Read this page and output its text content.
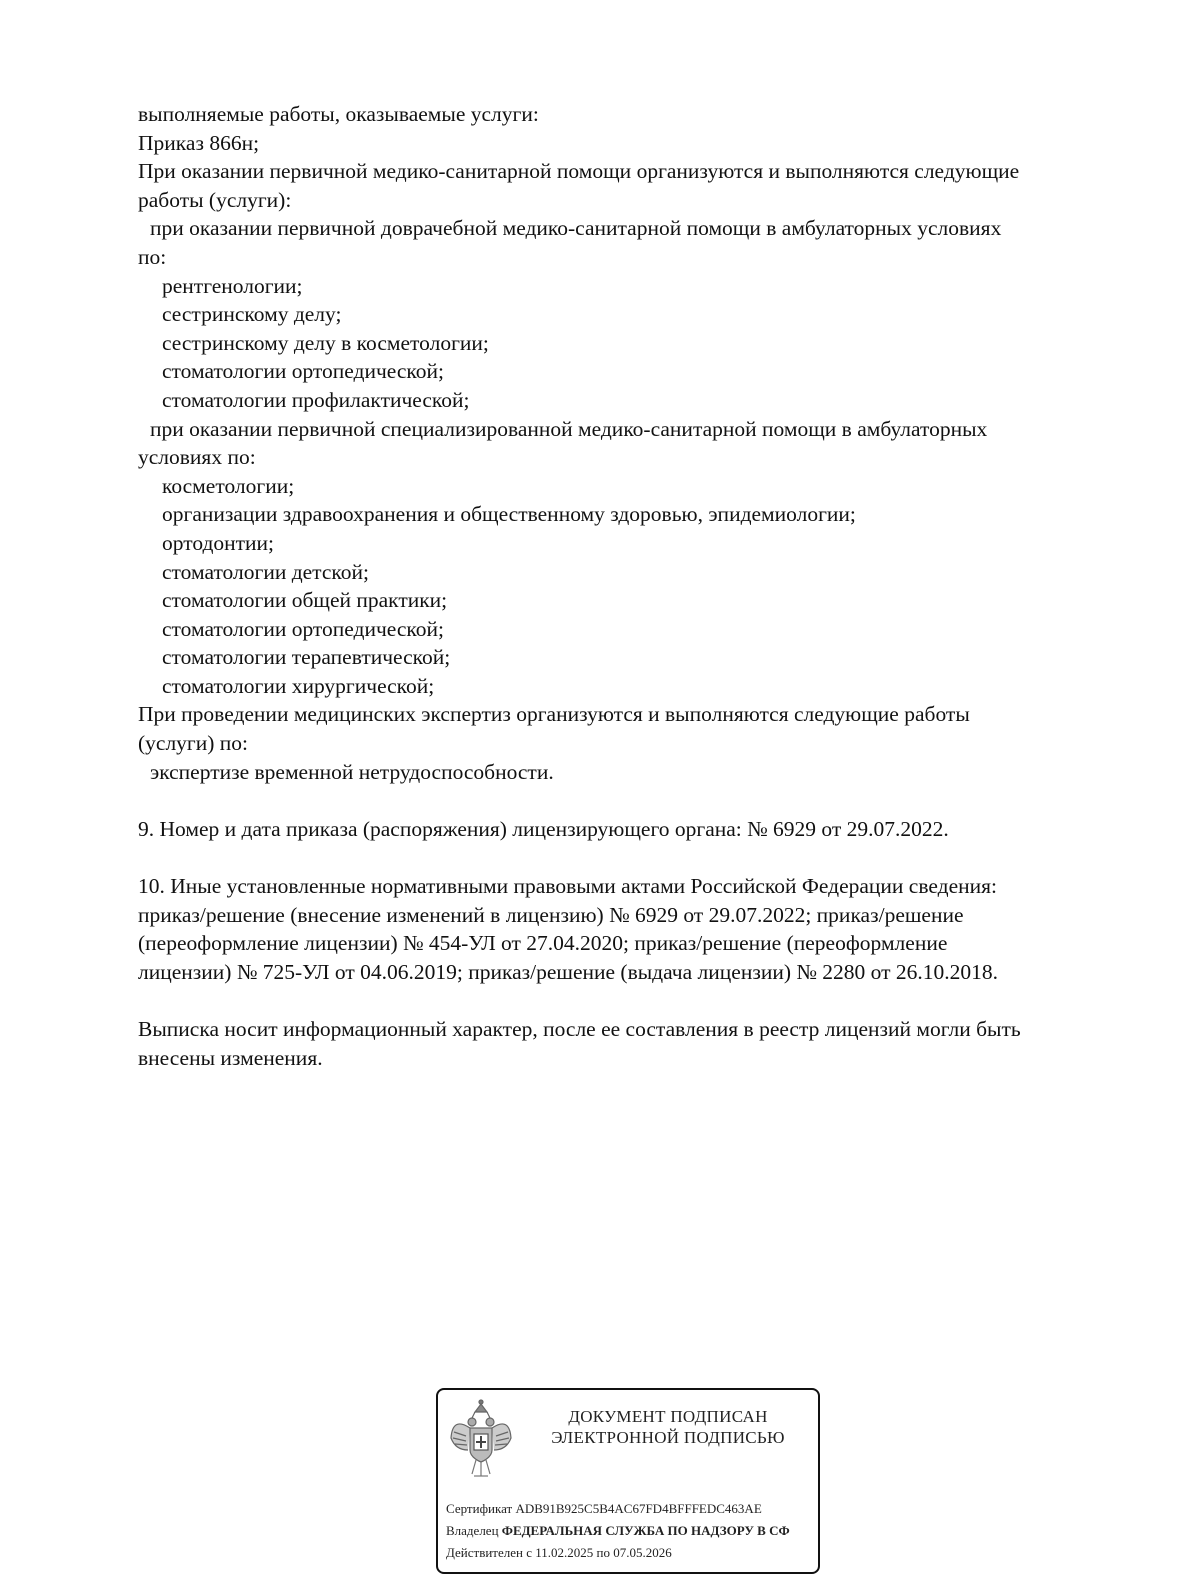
выполняемые работы, оказываемые услуги:
Приказ 866н;
При оказании первичной медико-санитарной помощи организуются и выполняются следующие
работы (услуги):
при оказании первичной доврачебной медико-санитарной помощи в амбулаторных условиях
по:
рентгенологии;
сестринскому делу;
сестринскому делу в косметологии;
стоматологии ортопедической;
стоматологии профилактической;
при оказании первичной специализированной медико-санитарной помощи в амбулаторных
условиях по:
косметологии;
организации здравоохранения и общественному здоровью, эпидемиологии;
ортодонтии;
стоматологии детской;
стоматологии общей практики;
стоматологии ортопедической;
стоматологии терапевтической;
стоматологии хирургической;
При проведении медицинских экспертиз организуются и выполняются следующие работы
(услуги) по:
экспертизе временной нетрудоспособности.
9. Номер и дата приказа (распоряжения) лицензирующего органа: № 6929 от 29.07.2022.
10. Иные установленные нормативными правовыми актами Российской Федерации сведения:
приказ/решение (внесение изменений в лицензию) № 6929 от 29.07.2022; приказ/решение
(переоформление лицензии) № 454-УЛ от 27.04.2020; приказ/решение (переоформление
лицензии) № 725-УЛ от 04.06.2019; приказ/решение (выдача лицензии) № 2280 от 26.10.2018.
Выписка носит информационный характер, после ее составления в реестр лицензий могли быть
внесены изменения.
ДОКУМЕНТ ПОДПИСАН
ЭЛЕКТРОННОЙ ПОДПИСЬЮ
Сертификат ADB91B925C5B4AC67FD4BFFFEDC463AE
Владелец ФЕДЕРАЛЬНАЯ СЛУЖБА ПО НАДЗОРУ В СФ
Действителен с 11.02.2025 по 07.05.2026
